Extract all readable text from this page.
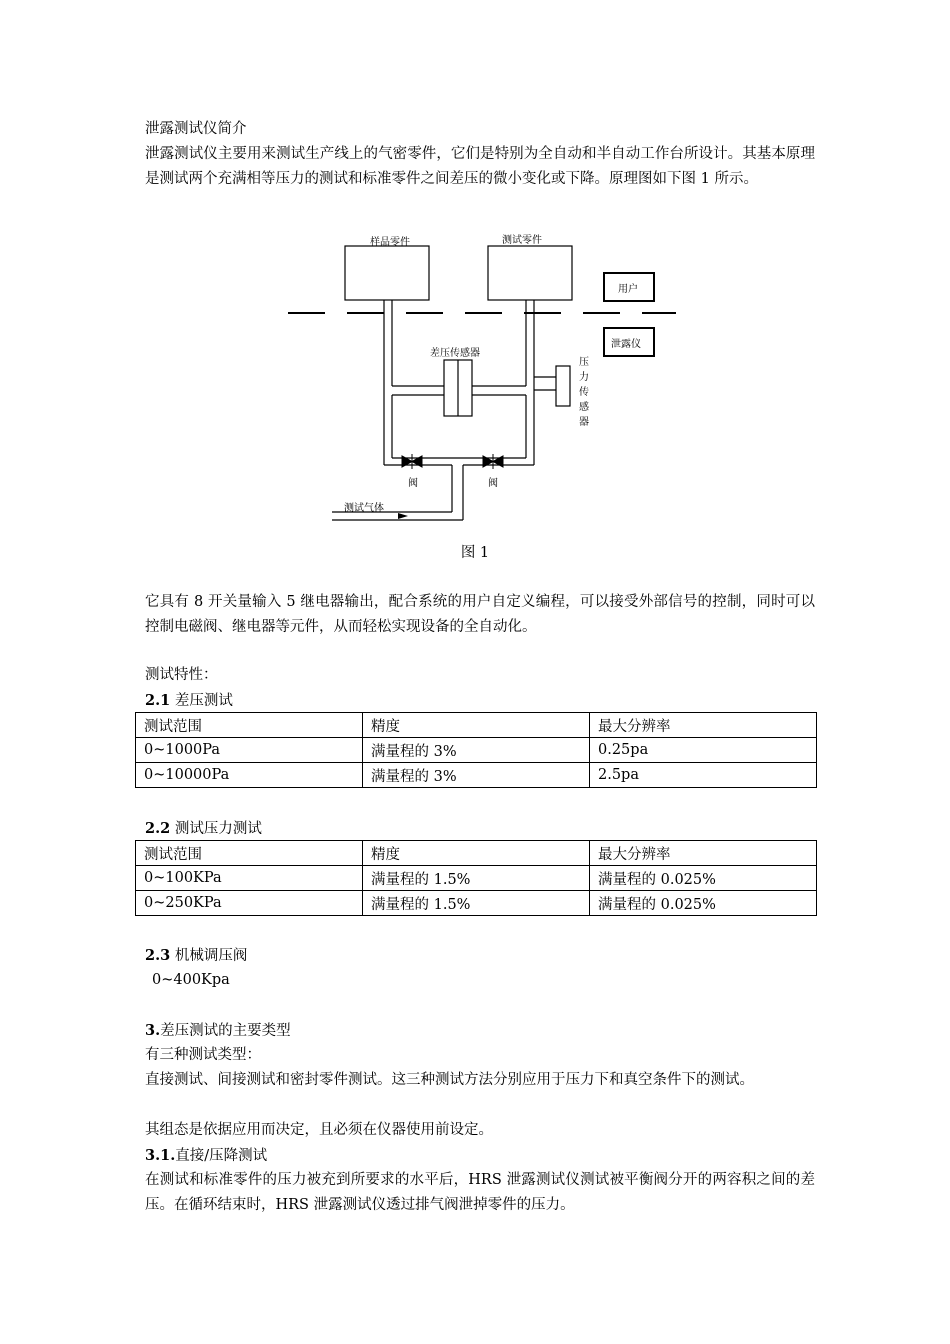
泄露测试仪简介
泄露测试仪主要用来测试生产线上的气密零件，它们是特别为全自动和半自动工作台所设计。其基本原理是测试两个充满相等压力的测试和标准零件之间差压的微小变化或下降。原理图如下图 1 所示。
样品零件	测试零件
用户
泄露仪
差压传感器
压
力
传
感
器
阀	阀
测试气体
图 1
它具有 8 开关量输入 5 继电器输出，配合系统的用户自定义编程，可以接受外部信号的控制，同时可以控制电磁阀、继电器等元件，从而轻松实现设备的全自动化。
测试特性：
2.1 差压测试
测试范围	精度	最大分辨率
0~1000Pa	满量程的 3%	0.25pa
0~10000Pa	满量程的 3%	2.5pa
2.2 测试压力测试
测试范围	精度	最大分辨率
0~100KPa	满量程的 1.5%	满量程的 0.025%
0~250KPa	满量程的 1.5%	满量程的 0.025%
2.3 机械调压阀
0~400Kpa
3.差压测试的主要类型
有三种测试类型：
直接测试、间接测试和密封零件测试。这三种测试方法分别应用于压力下和真空条件下的测试。
其组态是依据应用而决定，且必须在仪器使用前设定。
3.1.直接/压降测试
在测试和标准零件的压力被充到所要求的水平后，HRS 泄露测试仪测试被平衡阀分开的两容积之间的差压。在循环结束时，HRS 泄露测试仪透过排气阀泄掉零件的压力。
